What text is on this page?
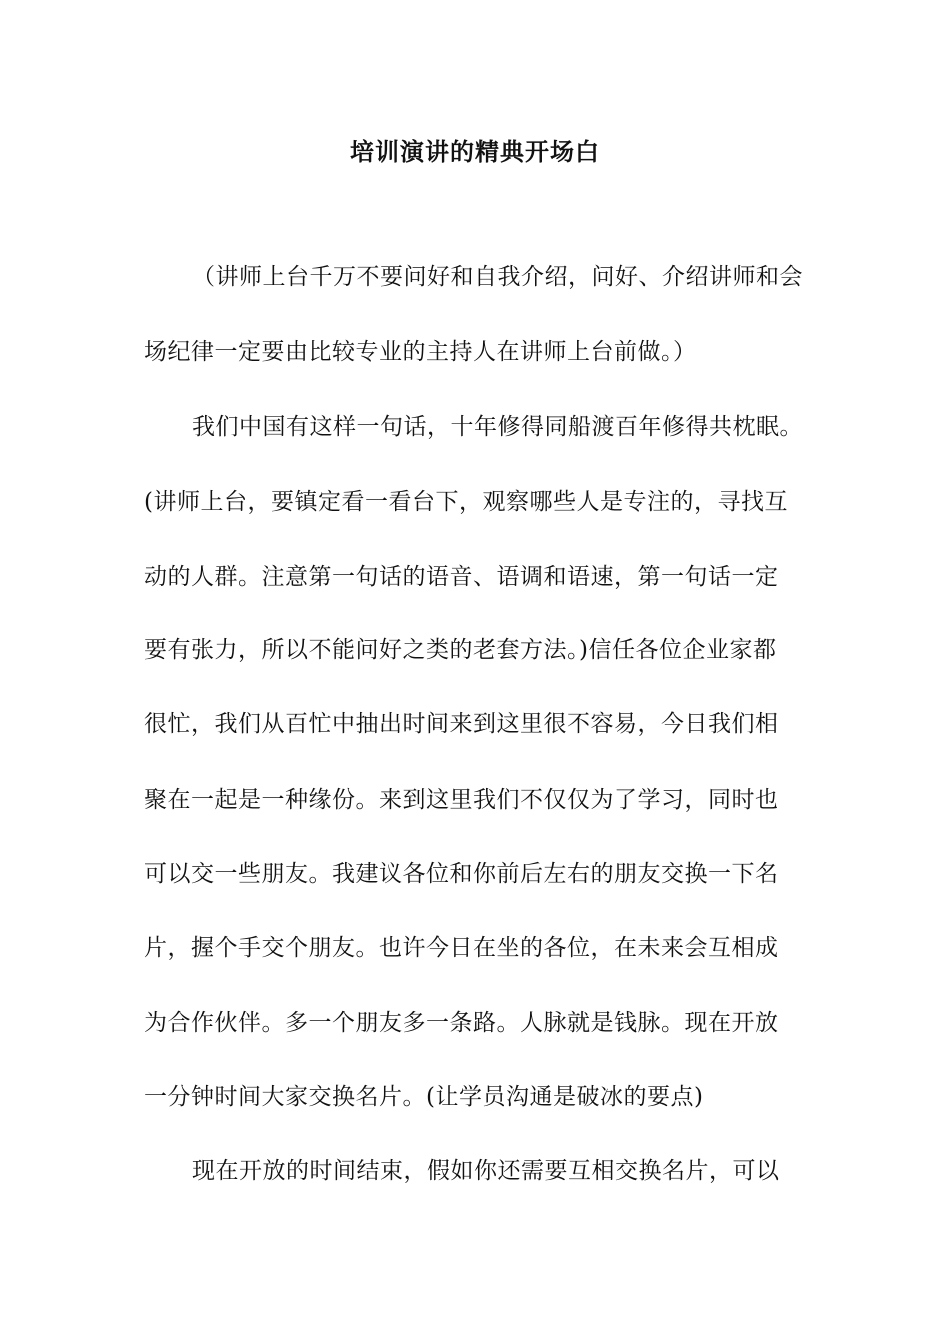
培训演讲的精典开场白
（讲师上台千万不要问好和自我介绍，问好、介绍讲师和会
场纪律一定要由比较专业的主持人在讲师上台前做。）
我们中国有这样一句话，十年修得同船渡百年修得共枕眠。
(讲师上台，要镇定看一看台下，观察哪些人是专注的，寻找互
动的人群。注意第一句话的语音、语调和语速，第一句话一定
要有张力，所以不能问好之类的老套方法。)信任各位企业家都
很忙，我们从百忙中抽出时间来到这里很不容易，今日我们相
聚在一起是一种缘份。来到这里我们不仅仅为了学习，同时也
可以交一些朋友。我建议各位和你前后左右的朋友交换一下名
片，握个手交个朋友。也许今日在坐的各位，在未来会互相成
为合作伙伴。多一个朋友多一条路。人脉就是钱脉。现在开放
一分钟时间大家交换名片。(让学员沟通是破冰的要点)
现在开放的时间结束，假如你还需要互相交换名片，可以
